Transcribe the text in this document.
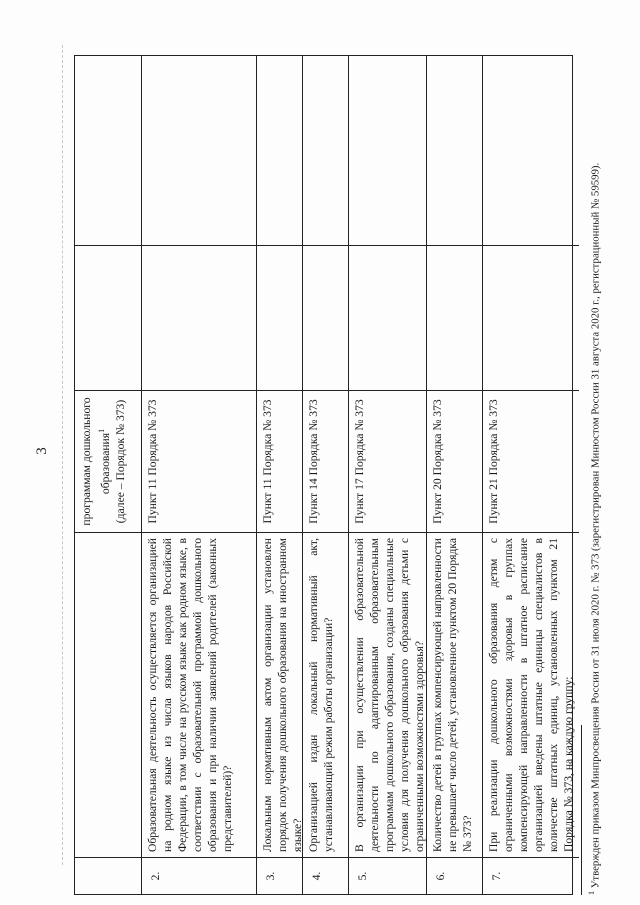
3	программам дошкольного образования$^1$ (далее – Порядок № 373)
2.
Образовательная деятельность осуществляется организацией на родном языке из числа языков народов Российской Федерации, в том числе на русском языке как родном языке, в соответствии с образовательной программой дошкольного образования и при наличии заявлений родителей (законных представителей)?
Пункт 11 Порядка № 373
3.
Локальным нормативным актом организации установлен порядок получения дошкольного образования на иностранном языке?
Пункт 11 Порядка № 373
4.
Организацией издан локальный нормативный акт, устанавливающий режим работы организации?
Пункт 14 Порядка № 373
5.
В организации при осуществлении образовательной деятельности по адаптированным образовательным программам дошкольного образования, созданы специальные условия для получения дошкольного образования детьми с ограниченными возможностями здоровья?
Пункт 17 Порядка № 373
6.
Количество детей в группах компенсирующей направленности не превышает число детей, установленное пунктом 20 Порядка № 373?
Пункт 20 Порядка № 373
7.
При реализации дошкольного образования детям с ограниченными возможностями здоровья в группах компенсирующей направленности в штатное расписание организацией введены штатные единицы специалистов в количестве штатных единиц, установленных пунктом 21 Порядка № 373, на каждую группу:
Пункт 21 Порядка № 373
$^1$ Утвержден приказом Минпросвещения России от 31 июля 2020 г. № 373 (зарегистрирован Минюстом России 31 августа 2020 г., регистрационный № 59599).
